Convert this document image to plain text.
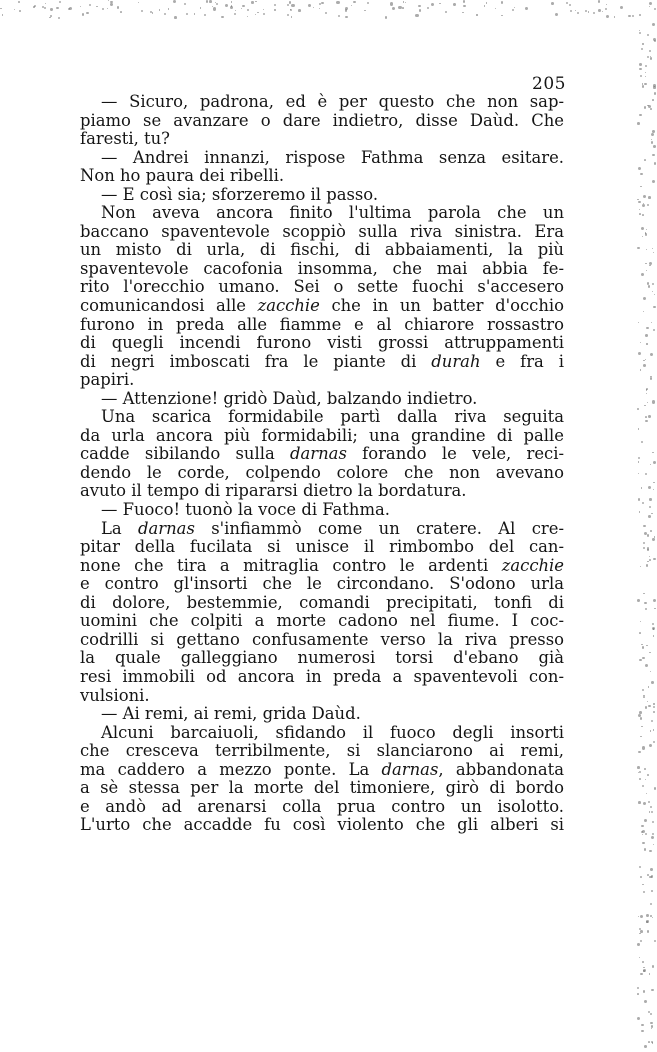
205
— Sicuro, padrona, ed è per questo che non sap-
piamo se avanzare o dare indietro, disse Daùd. Che
faresti, tu?
— Andrei innanzi, rispose Fathma senza esitare.
Non ho paura dei ribelli.
— E così sia; sforzeremo il passo.
Non aveva ancora finito l'ultima parola che un
baccano spaventevole scoppiò sulla riva sinistra. Era
un misto di urla, di fischi, di abbaiamenti, la più
spaventevole cacofonia insomma, che mai abbia fe-
rito l'orecchio umano. Sei o sette fuochi s'accesero
comunicandosi alle zacchie che in un batter d'occhio
furono in preda alle fiamme e al chiarore rossastro
di quegli incendi furono visti grossi attruppamenti
di negri imboscati fra le piante di durah e fra i
papiri.
— Attenzione! gridò Daùd, balzando indietro.
Una scarica formidabile partì dalla riva seguita
da urla ancora più formidabili; una grandine di palle
cadde sibilando sulla darnas forando le vele, reci-
dendo le corde, colpendo colore che non avevano
avuto il tempo di ripararsi dietro la bordatura.
— Fuoco! tuonò la voce di Fathma.
La darnas s'infiammò come un cratere. Al cre-
pitar della fucilata si unisce il rimbombo del can-
none che tira a mitraglia contro le ardenti zacchie
e contro gl'insorti che le circondano. S'odono urla
di dolore, bestemmie, comandi precipitati, tonfi di
uomini che colpiti a morte cadono nel fiume. I coc-
codrilli si gettano confusamente verso la riva presso
la quale galleggiano numerosi torsi d'ebano già
resi immobili od ancora in preda a spaventevoli con-
vulsioni.
— Ai remi, ai remi, grida Daùd.
Alcuni barcaiuoli, sfidando il fuoco degli insorti
che cresceva terribilmente, si slanciarono ai remi,
ma caddero a mezzo ponte. La darnas, abbandonata
a sè stessa per la morte del timoniere, girò di bordo
e andò ad arenarsi colla prua contro un isolotto.
L'urto che accadde fu così violento che gli alberi si
